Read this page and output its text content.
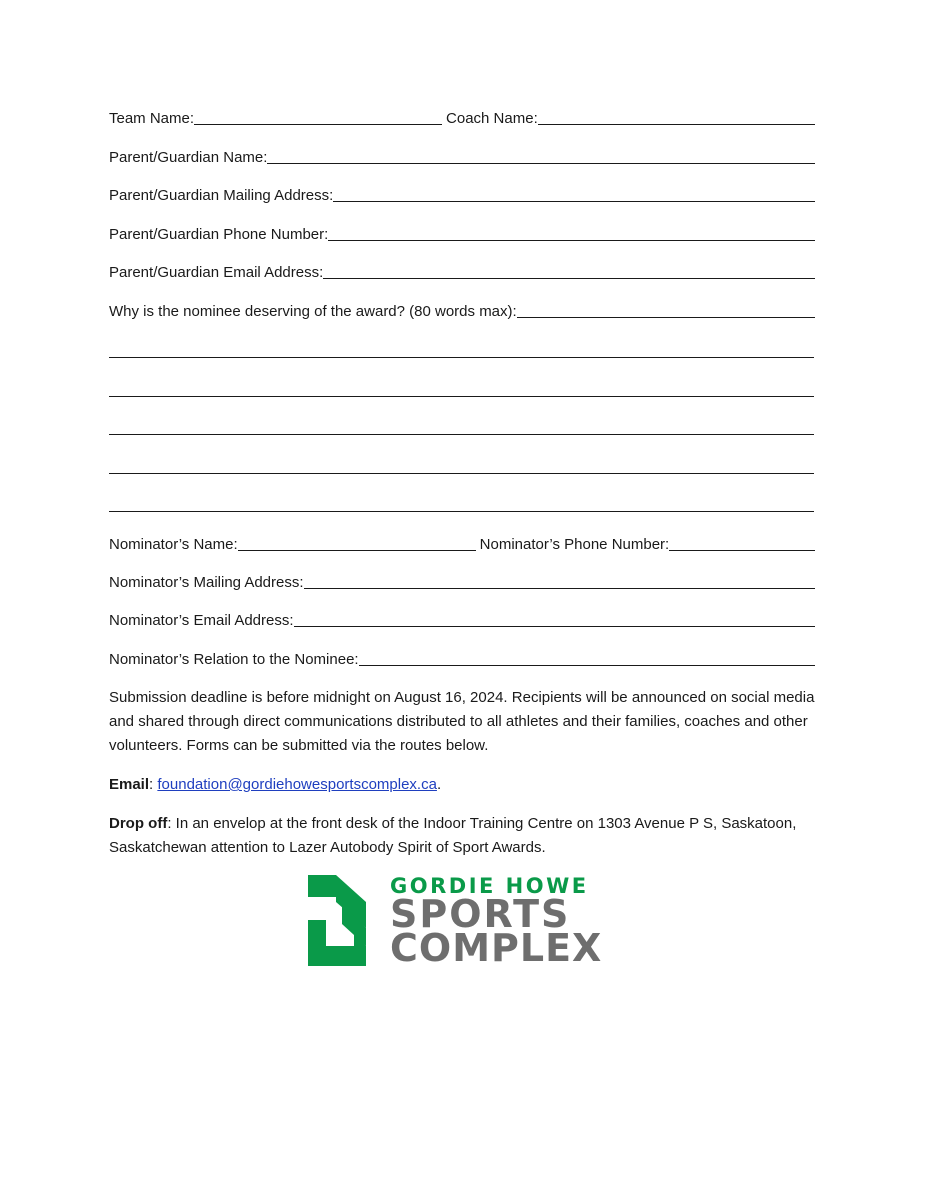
Team Name:	Coach Name:
Parent/Guardian Name:
Parent/Guardian Mailing Address:
Parent/Guardian Phone Number:
Parent/Guardian Email Address:
Why is the nominee deserving of the award? (80 words max):
Nominator’s Name:	Nominator’s Phone Number:
Nominator’s Mailing Address:
Nominator’s Email Address:
Nominator’s Relation to the Nominee:
Submission deadline is before midnight on August 16, 2024. Recipients will be announced on social media and shared through direct communications distributed to all athletes and their families, coaches and other volunteers. Forms can be submitted via the routes below.
Email: foundation@gordiehowesportscomplex.ca.
Drop off: In an envelop at the front desk of the Indoor Training Centre on 1303 Avenue P S, Saskatoon, Saskatchewan attention to Lazer Autobody Spirit of Sport Awards.
GORDIE HOWE
SPORTS
COMPLEX
